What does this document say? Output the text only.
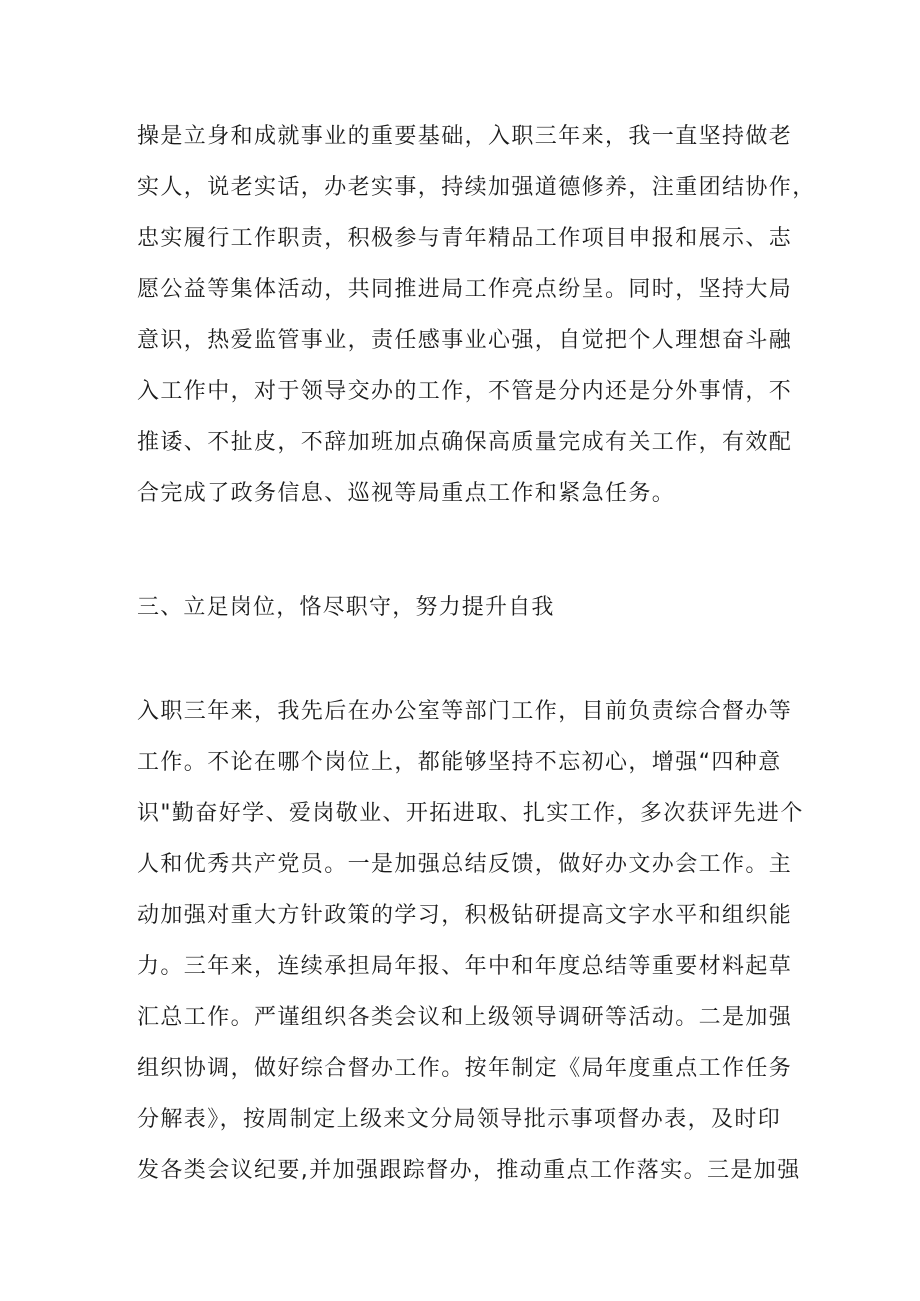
操是立身和成就事业的重要基础，入职三年来，我一直坚持做老
实人，说老实话，办老实事，持续加强道德修养，注重团结协作，
忠实履行工作职责，积极参与青年精品工作项目申报和展示、志
愿公益等集体活动，共同推进局工作亮点纷呈。同时，坚持大局
意识，热爱监管事业，责任感事业心强，自觉把个人理想奋斗融
入工作中，对于领导交办的工作，不管是分内还是分外事情，不
推诿、不扯皮，不辞加班加点确保高质量完成有关工作，有效配
合完成了政务信息、巡视等局重点工作和紧急任务。
三、立足岗位，恪尽职守，努力提升自我
入职三年来，我先后在办公室等部门工作，目前负责综合督办等
工作。不论在哪个岗位上，都能够坚持不忘初心，增强“四种意
识"勤奋好学、爱岗敬业、开拓进取、扎实工作，多次获评先进个
人和优秀共产党员。一是加强总结反馈，做好办文办会工作。主
动加强对重大方针政策的学习，积极钻研提高文字水平和组织能
力。三年来，连续承担局年报、年中和年度总结等重要材料起草
汇总工作。严谨组织各类会议和上级领导调研等活动。二是加强
组织协调，做好综合督办工作。按年制定《局年度重点工作任务
分解表》，按周制定上级来文分局领导批示事项督办表，及时印
发各类会议纪要,并加强跟踪督办，推动重点工作落实。三是加强
